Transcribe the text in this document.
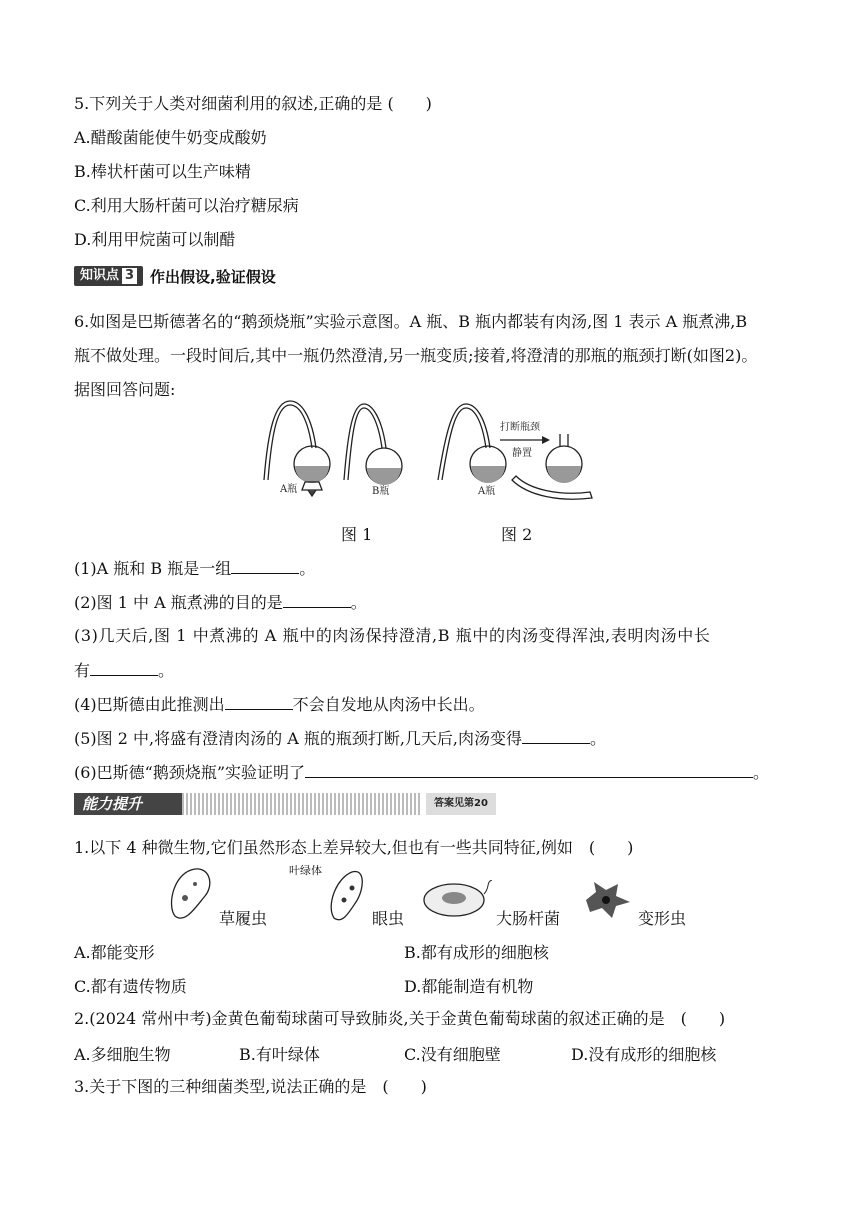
5.下列关于人类对细菌利用的叙述,正确的是 (　　)
A.醋酸菌能使牛奶变成酸奶
B.棒状杆菌可以生产味精
C.利用大肠杆菌可以治疗糖尿病
D.利用甲烷菌可以制醋
知识点 3	作出假设,验证假设
6.如图是巴斯德著名的“鹅颈烧瓶”实验示意图。A 瓶、B 瓶内都装有肉汤,图 1 表示 A 瓶煮沸,B
瓶不做处理。一段时间后,其中一瓶仍然澄清,另一瓶变质;接着,将澄清的那瓶的瓶颈打断(如图2)。
据图回答问题:
A瓶	B瓶	A瓶
打断瓶颈
静置
图 1	图 2
(1)A 瓶和 B 瓶是一组	。
(2)图 1 中 A 瓶煮沸的目的是	。
(3)几天后,图 1 中煮沸的 A 瓶中的肉汤保持澄清,B 瓶中的肉汤变得浑浊,表明肉汤中长
有	。
(4)巴斯德由此推测出	不会自发地从肉汤中长出。
(5)图 2 中,将盛有澄清肉汤的 A 瓶的瓶颈打断,几天后,肉汤变得	。
(6)巴斯德“鹅颈烧瓶”实验证明了	。
能力提升	答案见第20
1.以下 4 种微生物,它们虽然形态上差异较大,但也有一些共同特征,例如　(　　)
草履虫
叶绿体
眼虫	大肠杆菌	变形虫
A.都能变形	B.都有成形的细胞核
C.都有遗传物质	D.都能制造有机物
2.(2024 常州中考)金黄色葡萄球菌可导致肺炎,关于金黄色葡萄球菌的叙述正确的是　(　　)
A.多细胞生物	B.有叶绿体	C.没有细胞壁	D.没有成形的细胞核
3.关于下图的三种细菌类型,说法正确的是　(　　)
